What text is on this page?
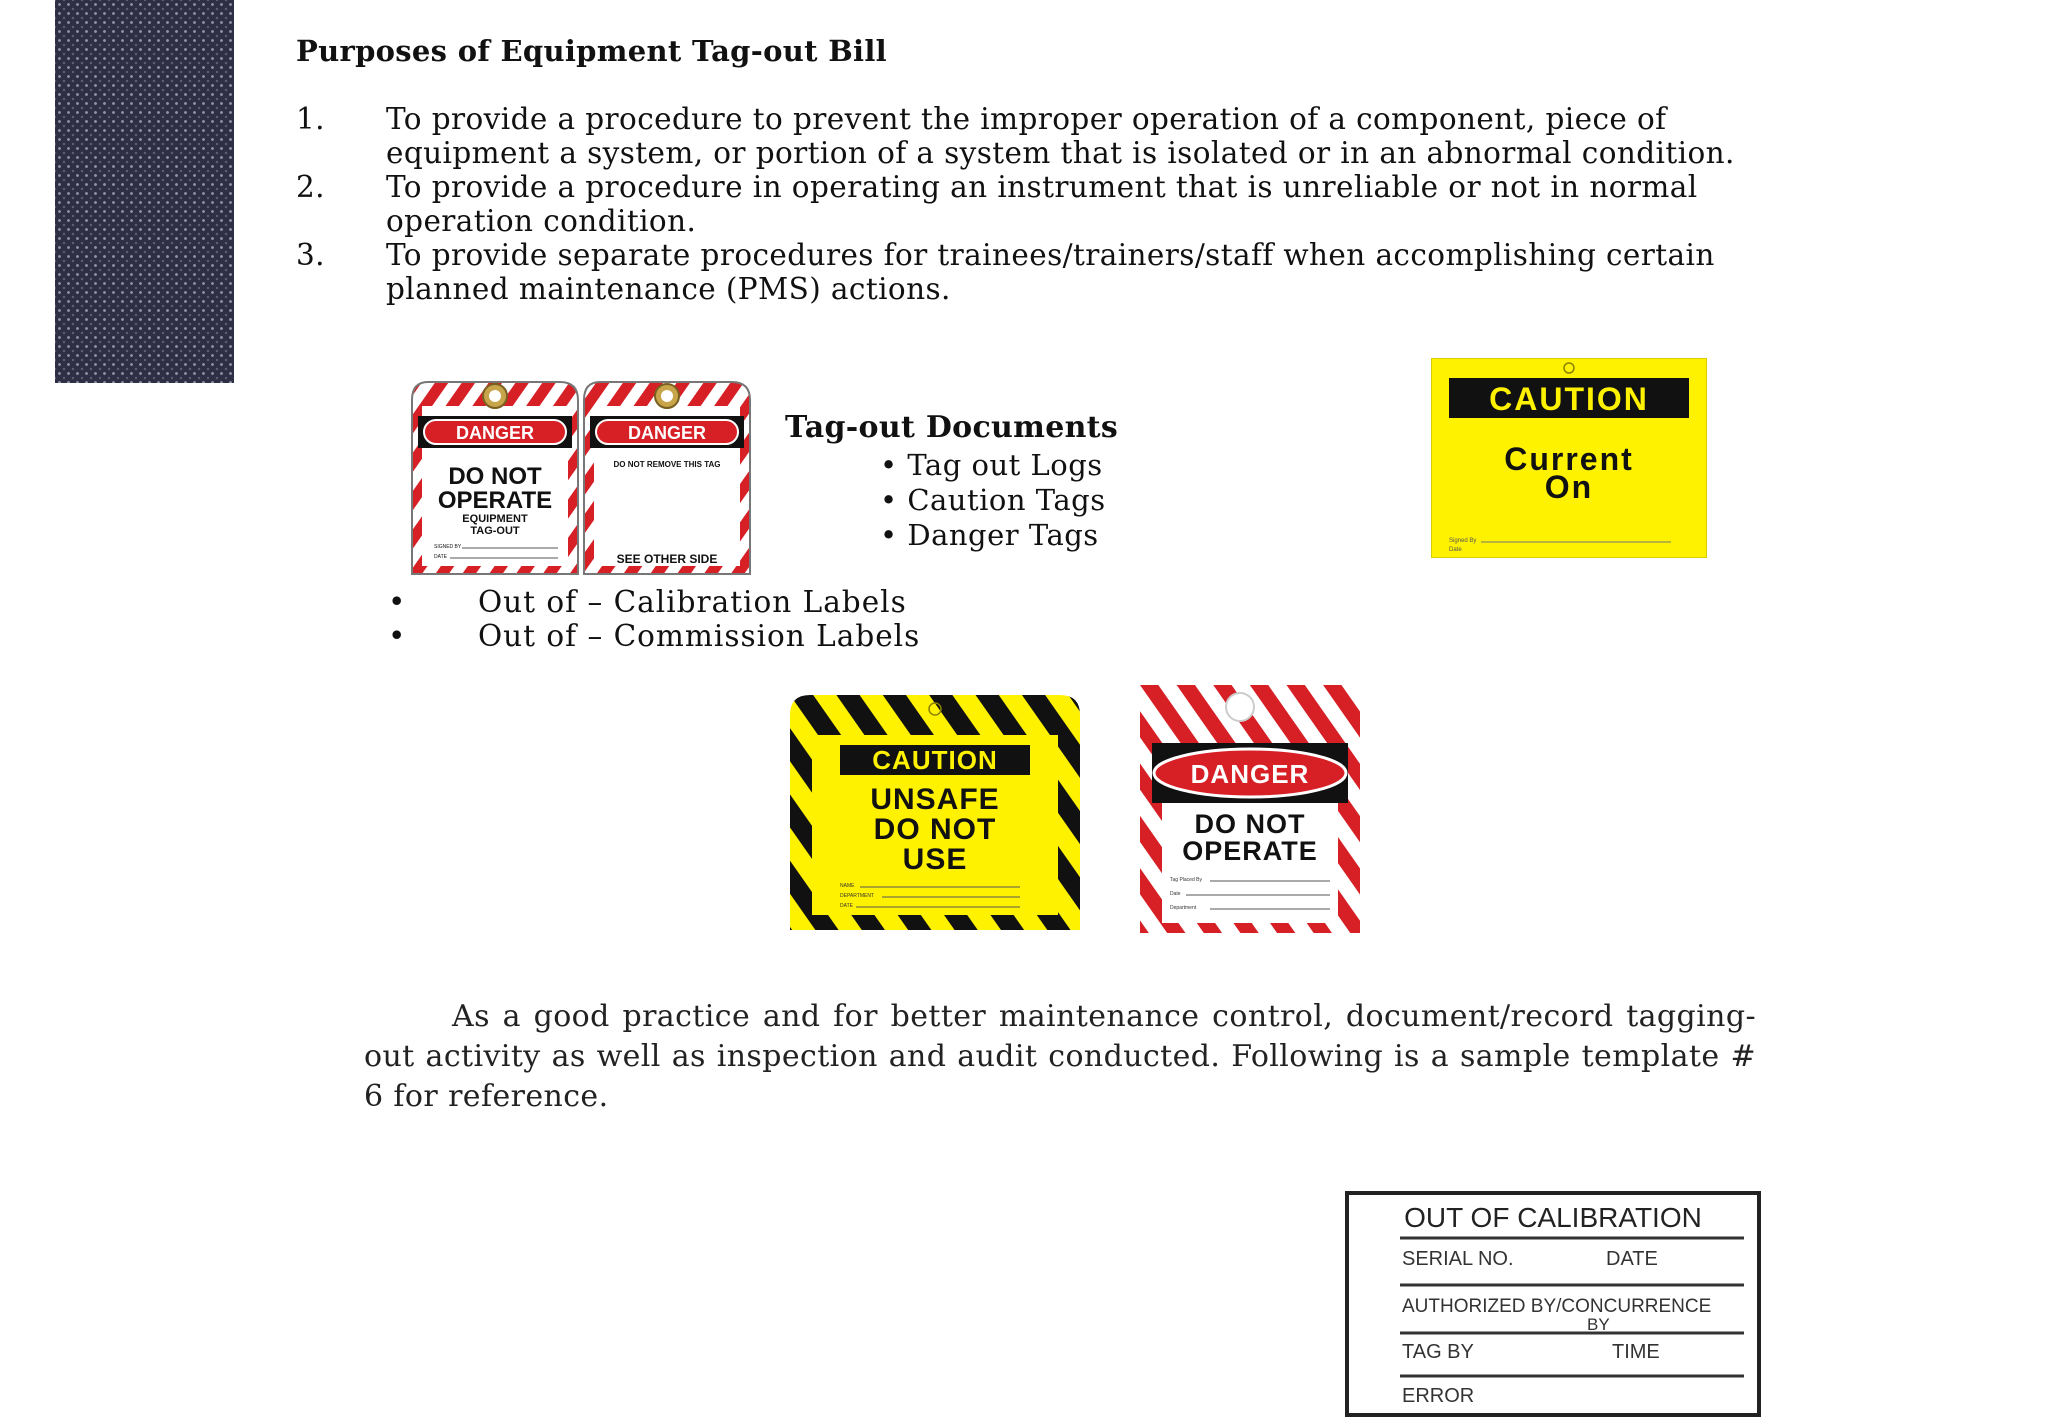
Purposes of Equipment Tag-out Bill
1. To provide a procedure to prevent the improper operation of a component, piece of equipment a system, or portion of a system that is isolated or in an abnormal condition.
2. To provide a procedure in operating an instrument that is unreliable or not in normal operation condition.
3. To provide separate procedures for trainees/trainers/staff when accomplishing certain planned maintenance (PMS) actions.
DANGER
DO NOT
OPERATE
EQUIPMENT
TAG-OUT
SIGNED BY
DATE
DANGER
DO NOT REMOVE THIS TAG
SEE OTHER SIDE
Tag-out Documents
• Tag out Logs
• Caution Tags
• Danger Tags
CAUTION
Current
On
Signed By
Date
• Out of – Calibration Labels
• Out of – Commission Labels
CAUTION
UNSAFE
DO NOT
USE
NAME
DEPARTMENT
DATE
DANGER
DO NOT
OPERATE
Tag Placed By
Date
Department

As a good practice and for better maintenance control, document/record tagging-out activity as well as inspection and audit conducted. Following is a sample template # 6 for reference.

OUT OF CALIBRATION
SERIAL NO.	DATE
AUTHORIZED BY/CONCURRENCE
BY
TAG BY	TIME
ERROR
